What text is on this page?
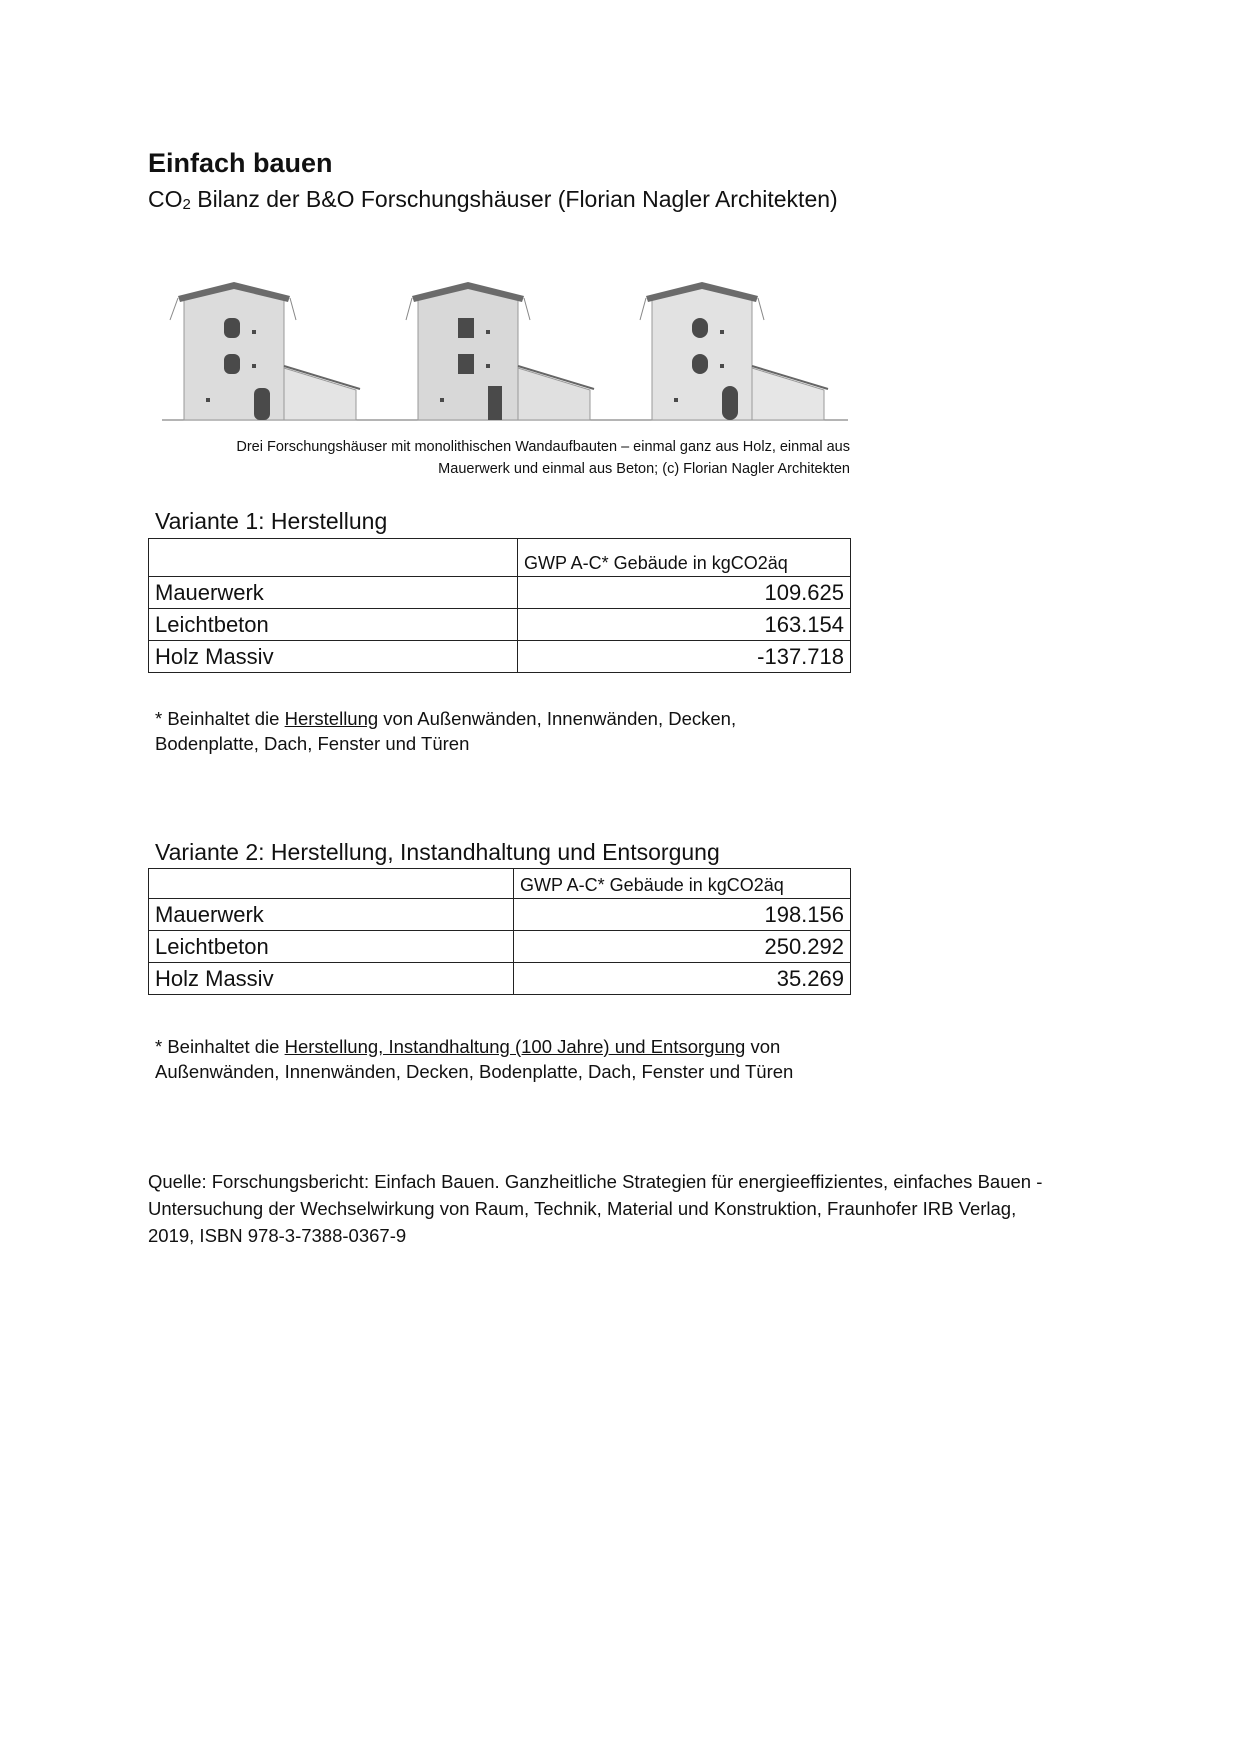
Einfach bauen
$CO_2$ Bilanz der B&O Forschungshäuser (Florian Nagler Architekten)
Drei Forschungshäuser mit monolithischen Wandaufbauten – einmal ganz aus Holz, einmal aus
Mauerwerk und einmal aus Beton; (c) Florian Nagler Architekten
Variante 1: Herstellung
	GWP A-C* Gebäude in kgCO2äq
Mauerwerk	109.625
Leichtbeton	163.154
Holz Massiv	-137.718
* Beinhaltet die Herstellung von Außenwänden, Innenwänden, Decken,
Bodenplatte, Dach, Fenster und Türen
Variante 2: Herstellung, Instandhaltung und Entsorgung
	GWP A-C* Gebäude in kgCO2äq
Mauerwerk	198.156
Leichtbeton	250.292
Holz Massiv	35.269
* Beinhaltet die Herstellung, Instandhaltung (100 Jahre) und Entsorgung von
Außenwänden, Innenwänden, Decken, Bodenplatte, Dach, Fenster und Türen
Quelle: Forschungsbericht: Einfach Bauen. Ganzheitliche Strategien für energieeffizientes, einfaches Bauen -
Untersuchung der Wechselwirkung von Raum, Technik, Material und Konstruktion, Fraunhofer IRB Verlag,
2019, ISBN 978-3-7388-0367-9
